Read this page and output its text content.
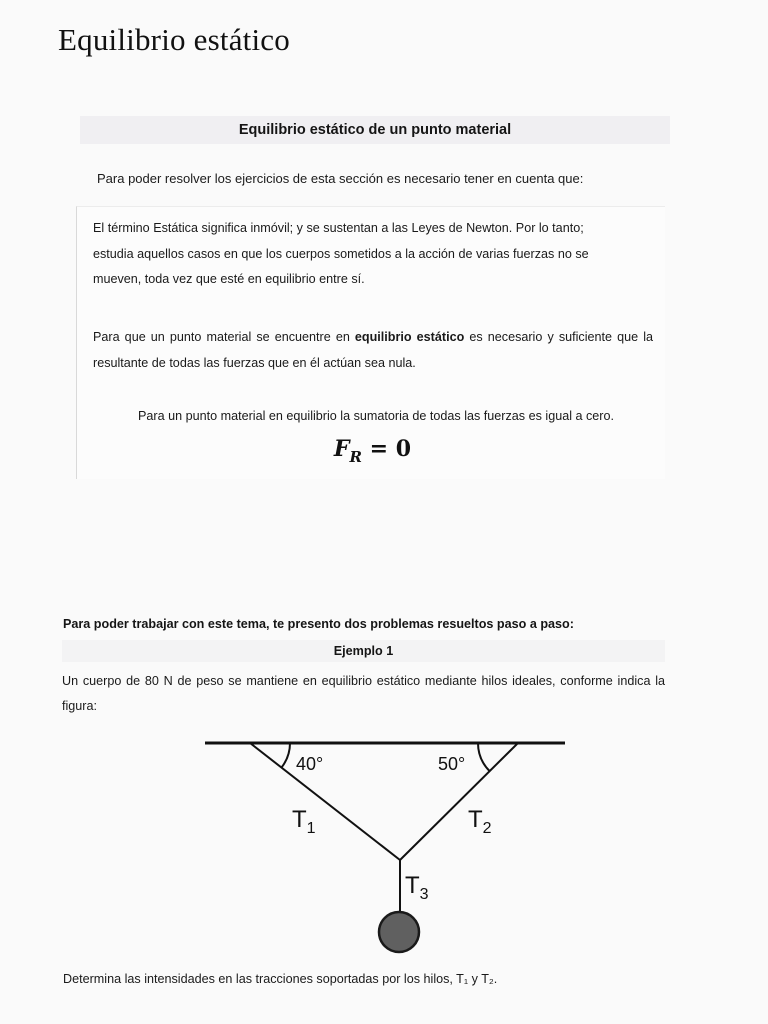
Equilibrio estático
Equilibrio estático de un punto material
Para poder resolver los ejercicios de esta sección es necesario tener en cuenta que:
El término Estática significa inmóvil; y se sustentan a las Leyes de Newton. Por lo tanto;
estudia aquellos casos en que los cuerpos sometidos a la acción de varias fuerzas no se
mueven, toda vez que esté en equilibrio entre sí.
Para que un punto material se encuentre en equilibrio estático es necesario y suficiente que la resultante de todas las fuerzas que en él actúan sea nula.
Para un punto material en equilibrio la sumatoria de todas las fuerzas es igual a cero.
$F_R = 0$
Para poder trabajar con este tema, te presento dos problemas resueltos paso a paso:
Ejemplo 1
Un cuerpo de 80 N de peso se mantiene en equilibrio estático mediante hilos ideales, conforme indica la figura:
40°	50°
$T_1$	$T_2$
$T_3$
Determina las intensidades en las tracciones soportadas por los hilos, T₁ y T₂.
